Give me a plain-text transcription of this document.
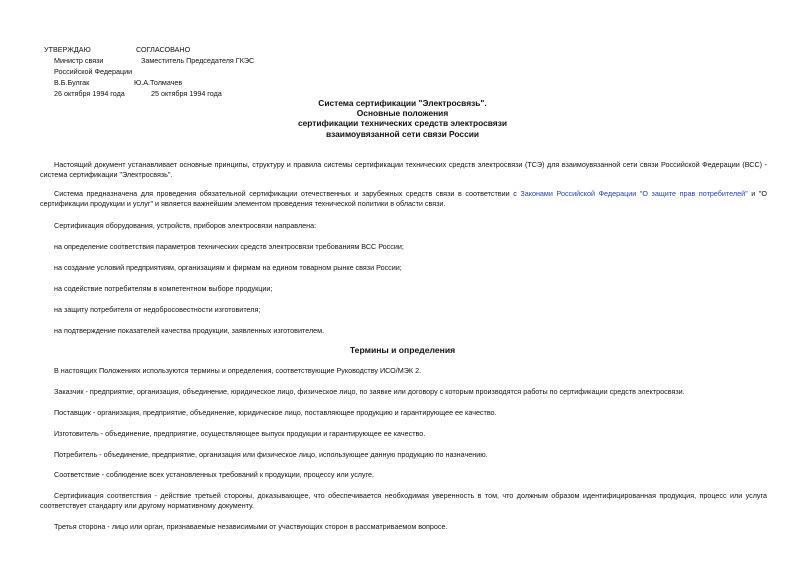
УТВЕРЖДАЮ	СОГЛАСОВАНО
Министр связи	Заместитель Председателя ГКЭС
Российской Федерации
В.Б.Булгак	Ю.А.Толмачев
26 октября 1994 года	25 октября 1994 года
Система сертификации "Электросвязь".
Основные положения
сертификации технических средств электросвязи
взаимоувязанной сети связи России
Настоящий документ устанавливает основные принципы, структуру и правила системы сертификации технических средств электросвязи (ТСЭ) для взаимоувязанной сети связи Российской Федерации (ВСС) - система сертификации "Электросвязь".
Система предназначена для проведения обязательной сертификации отечественных и зарубежных средств связи в соответствии с Законами Российской Федерации "О защите прав потребителей" и "О сертификации продукции и услуг" и является важнейшим элементом проведения технической политики в области связи.
Сертификация оборудования, устройств, приборов электросвязи направлена:
на определение соответствия параметров технических средств электросвязи требованиям ВСС России;
на создание условий предприятиям, организациям и фирмам на едином товарном рынке связи России;
на содействие потребителям в компетентном выборе продукции;
на защиту потребителя от недобросовестности изготовителя;
на подтверждение показателей качества продукции, заявленных изготовителем.
Термины и определения
В настоящих Положениях используются термины и определения, соответствующие Руководству ИСО/МЭК 2.
Заказчик - предприятие, организация, объединение, юридическое лицо, физическое лицо, по заявке или договору с которым производятся работы по сертификации средств электросвязи.
Поставщик - организация, предприятие, объединение, юридическое лицо, поставляющее продукцию и гарантирующее ее качество.
Изготовитель - объединение, предприятие, осуществляющее выпуск продукции и гарантирующее ее качество.
Потребитель - объединение, предприятие, организация или физическое лицо, использующее данную продукцию по назначению.
Соответствие - соблюдение всех установленных требований к продукции, процессу или услуге.
Сертификация соответствия - действие третьей стороны, доказывающее, что обеспечивается необходимая уверенность в том, что должным образом идентифицированная продукция, процесс или услуга соответствует стандарту или другому нормативному документу.
Третья сторона - лицо или орган, признаваемые независимыми от участвующих сторон в рассматриваемом вопросе.
